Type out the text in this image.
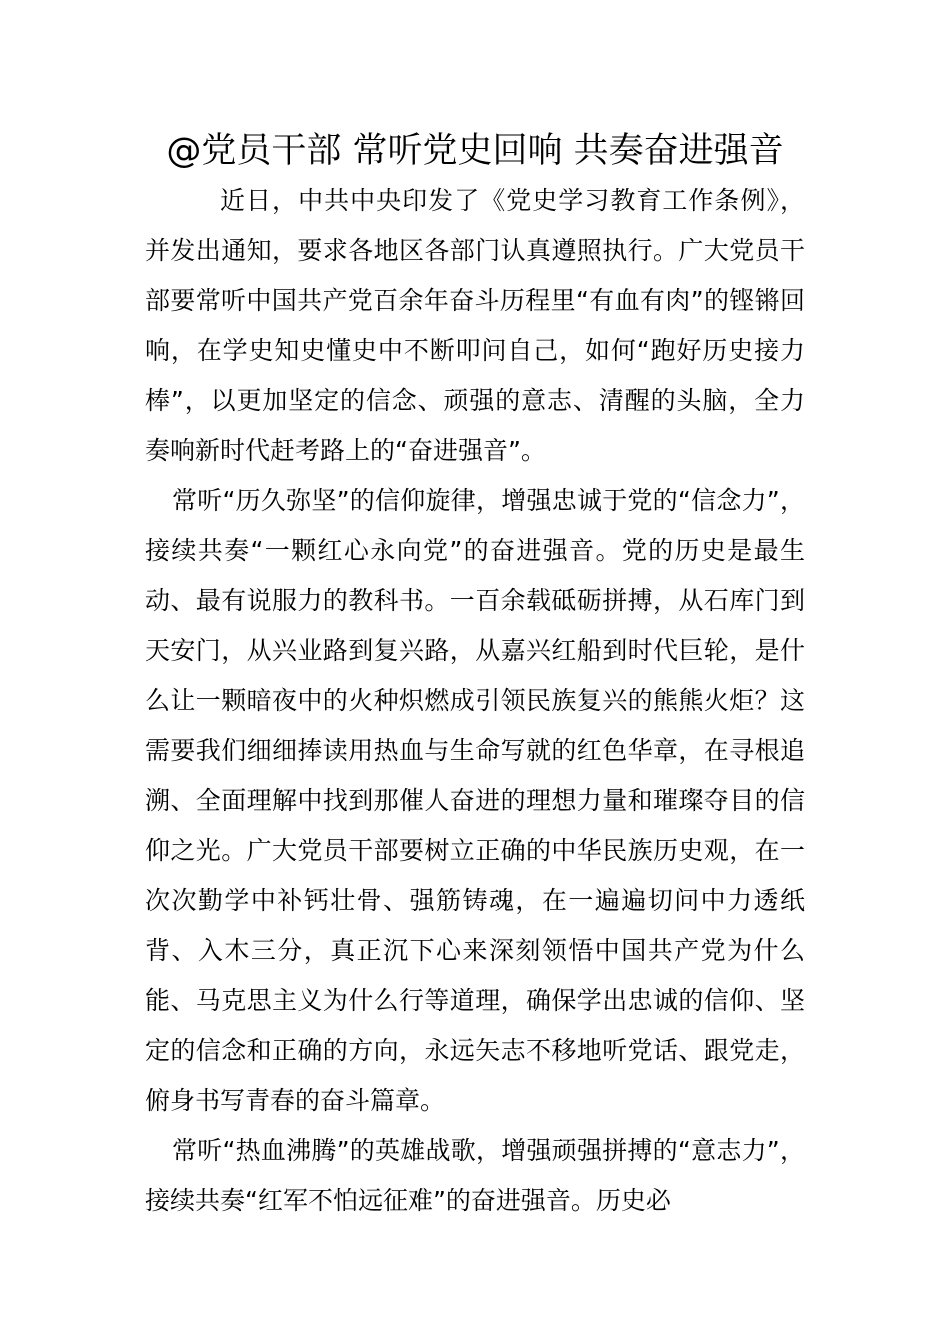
@党员干部 常听党史回响 共奏奋进强音

近日，中共中央印发了《党史学习教育工作条例》，并发出通知，要求各地区各部门认真遵照执行。广大党员干部要常听中国共产党百余年奋斗历程里“有血有肉”的铿锵回响，在学史知史懂史中不断叩问自己，如何“跑好历史接力棒”，以更加坚定的信念、顽强的意志、清醒的头脑，全力奏响新时代赶考路上的“奋进强音”。

常听“历久弥坚”的信仰旋律，增强忠诚于党的“信念力”，接续共奏“一颗红心永向党”的奋进强音。党的历史是最生动、最有说服力的教科书。一百余载砥砺拼搏，从石库门到天安门，从兴业路到复兴路，从嘉兴红船到时代巨轮，是什么让一颗暗夜中的火种炽燃成引领民族复兴的熊熊火炬？这需要我们细细捧读用热血与生命写就的红色华章，在寻根追溯、全面理解中找到那催人奋进的理想力量和璀璨夺目的信仰之光。广大党员干部要树立正确的中华民族历史观，在一次次勤学中补钙壮骨、强筋铸魂，在一遍遍切问中力透纸背、入木三分，真正沉下心来深刻领悟中国共产党为什么能、马克思主义为什么行等道理，确保学出忠诚的信仰、坚定的信念和正确的方向，永远矢志不移地听党话、跟党走，俯身书写青春的奋斗篇章。

常听“热血沸腾”的英雄战歌，增强顽强拼搏的“意志力”，接续共奏“红军不怕远征难”的奋进强音。历史必
